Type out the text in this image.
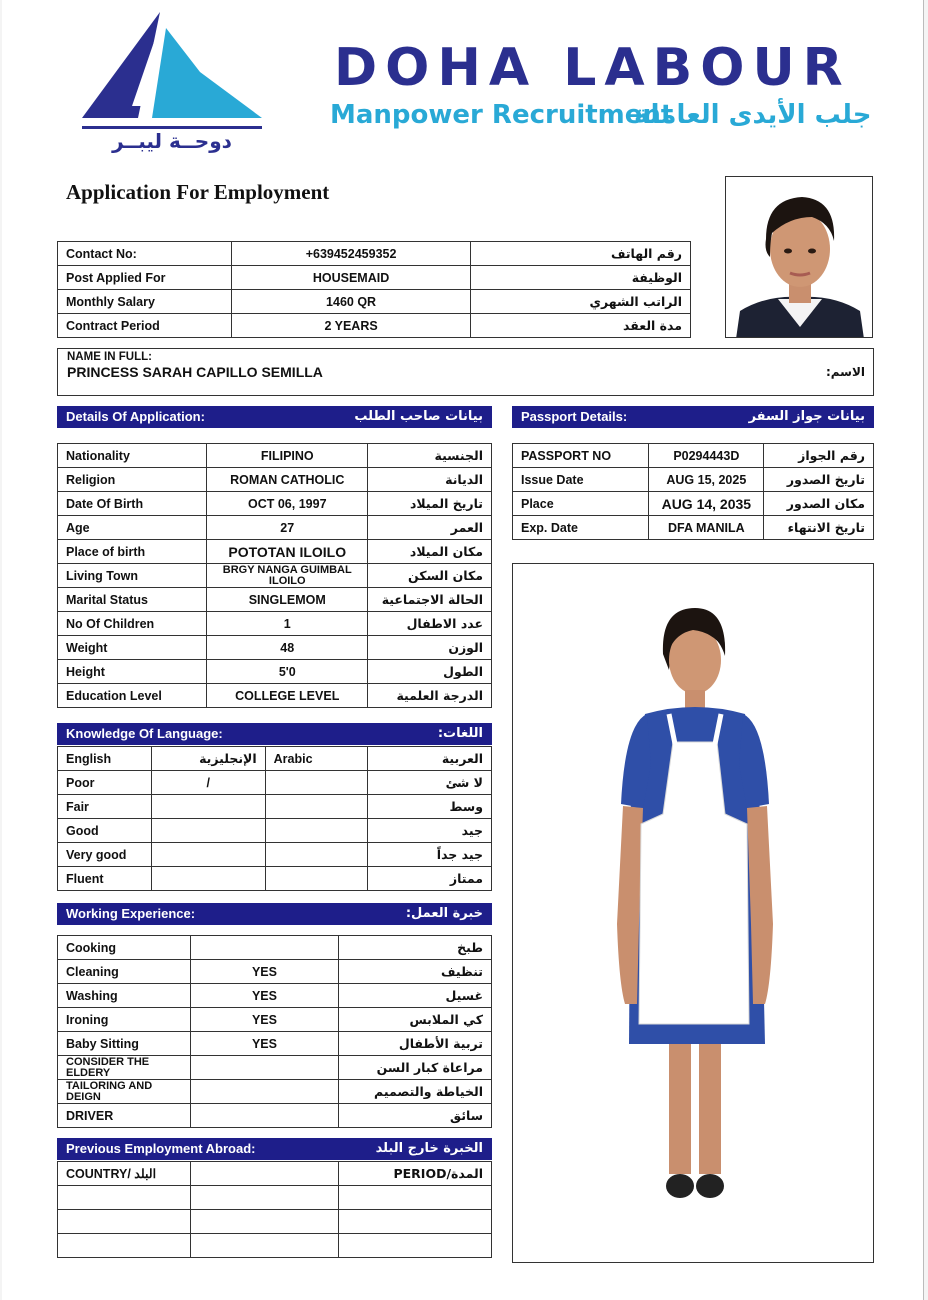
دوحــة ليبــر
DOHA LABOUR
Manpower Recruitment
جلب الأيدى العاملة
Application For Employment
Contact No:	+639452459352	رقم الهاتف
Post Applied For	HOUSEMAID	الوظيفة
Monthly Salary	1460 QR	الراتب الشهري
Contract Period	2 YEARS	مدة العقد
NAME IN FULL:
PRINCESS SARAH CAPILLO SEMILLA	الاسم:
Details Of Application:	بيانات صاحب الطلب
Nationality	FILIPINO	الجنسية
Religion	ROMAN CATHOLIC	الديانة
Date Of Birth	OCT 06, 1997	تاريخ الميلاد
Age	27	العمر
Place of birth	POTOTAN ILOILO	مكان الميلاد
Living Town	BRGY NANGA GUIMBAL ILOILO	مكان السكن
Marital Status	SINGLEMOM	الحالة الاجتماعية
No Of Children	1	عدد الاطفال
Weight	48	الوزن
Height	5'0	الطول
Education Level	COLLEGE LEVEL	الدرجة العلمية
Passport Details:	بيانات جواز السفر
PASSPORT NO	P0294443D	رقم الجواز
Issue Date	AUG 15, 2025	تاريخ الصدور
Place	AUG 14, 2035	مكان الصدور
Exp. Date	DFA MANILA	تاريخ الانتهاء
Knowledge Of Language:	اللغات:
English	الإنجليزية	Arabic	العربية
Poor	/		لا شئ
Fair			وسط
Good			جيد
Very good			جيد جداً
Fluent			ممتاز
Working Experience:	خبرة العمل:
Cooking		طبخ
Cleaning	YES	تنظيف
Washing	YES	غسيل
Ironing	YES	كي الملابس
Baby Sitting	YES	تربية الأطفال
CONSIDER THE ELDERY		مراعاة كبار السن
TAILORING AND DEIGN		الخياطة والتصميم
DRIVER		سائق
Previous Employment Abroad:	الخبرة خارج البلد
COUNTRY/ البلد		PERIOD/المدة
